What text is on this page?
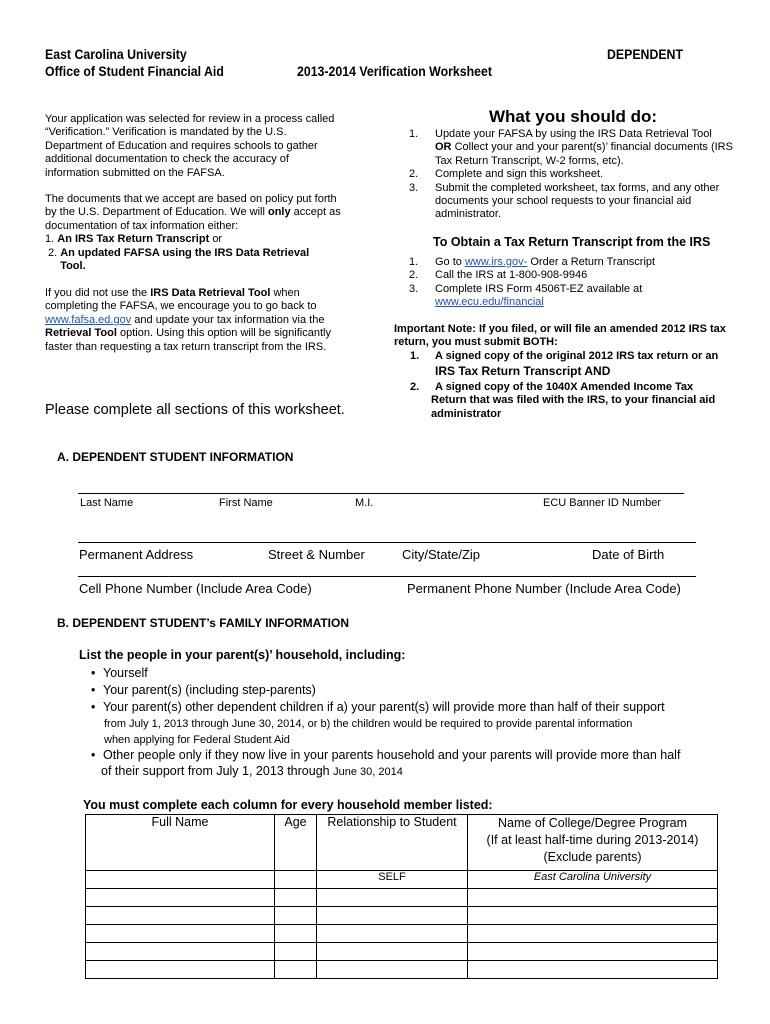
East Carolina University
Office of Student Financial Aid	2013-2014 Verification Worksheet
DEPENDENT
Your application was selected for review in a process called “Verification.” Verification is mandated by the U.S. Department of Education and requires schools to gather additional documentation to check the accuracy of information submitted on the FAFSA.
The documents that we accept are based on policy put forth by the U.S. Department of Education. We will only accept as documentation of tax information either:
1. An IRS Tax Return Transcript or
2. An updated FAFSA using the IRS Data Retrieval Tool.
If you did not use the IRS Data Retrieval Tool when completing the FAFSA, we encourage you to go back to www.fafsa.ed.gov and update your tax information via the Retrieval Tool option. Using this option will be significantly faster than requesting a tax return transcript from the IRS.
Please complete all sections of this worksheet.
What you should do:
1. Update your FAFSA by using the IRS Data Retrieval Tool
OR Collect your and your parent(s)’ financial documents (IRS Tax Return Transcript, W-2 forms, etc).
2. Complete and sign this worksheet.
3. Submit the completed worksheet, tax forms, and any other documents your school requests to your financial aid administrator.
To Obtain a Tax Return Transcript from the IRS
1. Go to www.irs.gov- Order a Return Transcript
2. Call the IRS at 1-800-908-9946
3. Complete IRS Form 4506T-EZ available at
www.ecu.edu/financial
Important Note: If you filed, or will file an amended 2012 IRS tax return, you must submit BOTH:
1.	A signed copy of the original 2012 IRS tax return or an
IRS Tax Return Transcript AND
2.	A signed copy of the 1040X Amended Income Tax
Return that was filed with the IRS, to your financial aid administrator
A. DEPENDENT STUDENT INFORMATION
Last Name	First Name	M.I.	ECU Banner ID Number
Permanent Address	Street & Number	City/State/Zip	Date of Birth
Cell Phone Number (Include Area Code)	Permanent Phone Number (Include Area Code)
B. DEPENDENT STUDENT’s FAMILY INFORMATION
List the people in your parent(s)’ household, including:
• Yourself
• Your parent(s) (including step-parents)
• Your parent(s) other dependent children if a) your parent(s) will provide more than half of their support
from July 1, 2013 through June 30, 2014, or b) the children would be required to provide parental information
when applying for Federal Student Aid
• Other people only if they now live in your parents household and your parents will provide more than half
of their support from July 1, 2013 through June 30, 2014
You must complete each column for every household member listed:
Full Name	Age	Relationship to Student	Name of College/Degree Program
(If at least half-time during 2013-2014)
(Exclude parents)

		SELF	East Carolina University
